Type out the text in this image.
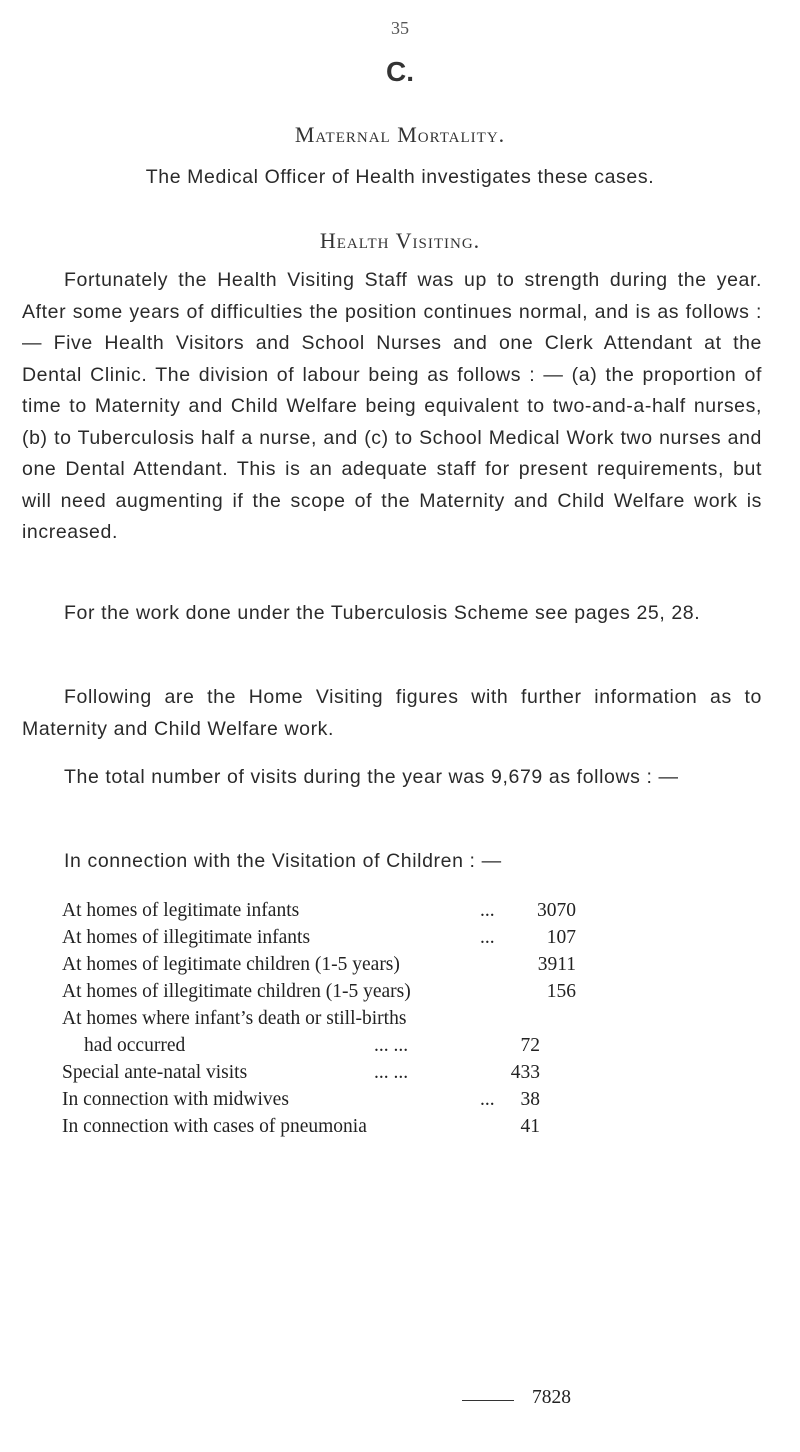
35
C.
Maternal Mortality.
The Medical Officer of Health investigates these cases.
Health Visiting.
Fortunately the Health Visiting Staff was up to strength during the year. After some years of difficulties the position continues normal, and is as follows : — Five Health Visitors and School Nurses and one Clerk Attendant at the Dental Clinic. The division of labour being as follows : — (a) the proportion of time to Maternity and Child Welfare being equivalent to two-and-a-half nurses, (b) to Tuberculosis half a nurse, and (c) to School Medical Work two nurses and one Dental Attendant. This is an adequate staff for present requirements, but will need augmenting if the scope of the Maternity and Child Welfare work is increased.
For the work done under the Tuberculosis Scheme see pages 25, 28.
Following are the Home Visiting figures with further information as to Maternity and Child Welfare work.
The total number of visits during the year was 9,679 as follows : —
In connection with the Visitation of Children : —
At homes of legitimate infants	... 3070
At homes of illegitimate infants	...	107
At homes of legitimate children (1-5 years)	3911
At homes of illegitimate children (1-5 years)	156
At homes where infant’s death or still-births
had occurred	... ...	72
Special ante-natal visits	... ...	433
In connection with midwives	... 38
In connection with cases of pneumonia	41
7828
